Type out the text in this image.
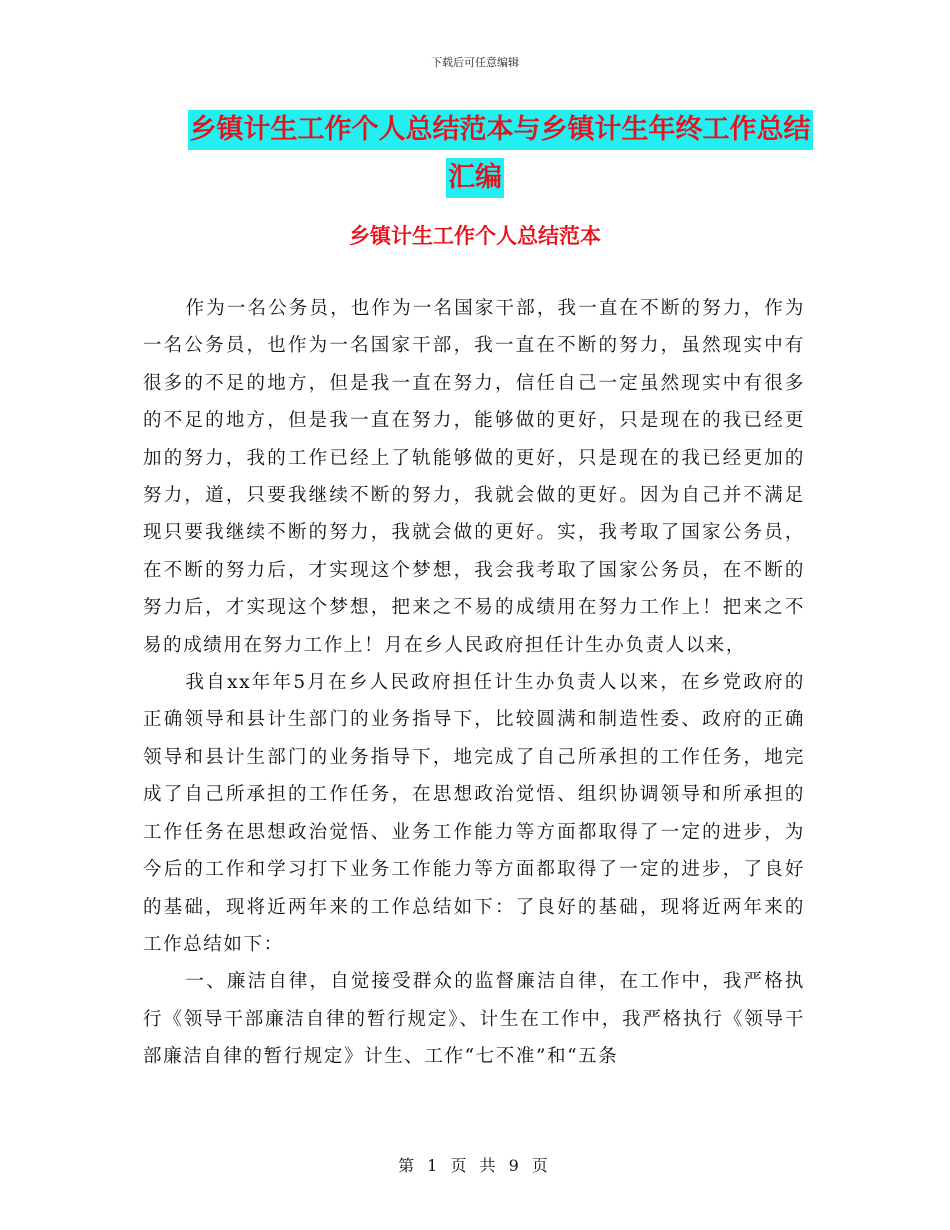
下载后可任意编辑
乡镇计生工作个人总结范本与乡镇计生年终工作总结
汇编
乡镇计生工作个人总结范本

作为一名公务员，也作为一名国家干部，我一直在不断的努力，作为一名公务员，也作为一名国家干部，我一直在不断的努力，虽然现实中有很多的不足的地方，但是我一直在努力，信任自己一定虽然现实中有很多的不足的地方，但是我一直在努力，能够做的更好，只是现在的我已经更加的努力，我的工作已经上了轨能够做的更好，只是现在的我已经更加的努力，道，只要我继续不断的努力，我就会做的更好。因为自己并不满足现只要我继续不断的努力，我就会做的更好。实，我考取了国家公务员，在不断的努力后，才实现这个梦想，我会我考取了国家公务员，在不断的努力后，才实现这个梦想，把来之不易的成绩用在努力工作上！把来之不易的成绩用在努力工作上！月在乡人民政府担任计生办负责人以来，

我自xx年年5月在乡人民政府担任计生办负责人以来，在乡党政府的正确领导和县计生部门的业务指导下，比较圆满和制造性委、政府的正确领导和县计生部门的业务指导下，地完成了自己所承担的工作任务，地完成了自己所承担的工作任务，在思想政治觉悟、组织协调领导和所承担的工作任务在思想政治觉悟、业务工作能力等方面都取得了一定的进步，为今后的工作和学习打下业务工作能力等方面都取得了一定的进步，了良好的基础，现将近两年来的工作总结如下：了良好的基础，现将近两年来的工作总结如下：

一、廉洁自律，自觉接受群众的监督廉洁自律，在工作中，我严格执行《领导干部廉洁自律的暂行规定》、计生在工作中，我严格执行《领导干部廉洁自律的暂行规定》计生、工作“七不准”和“五条

第 1 页 共 9 页
